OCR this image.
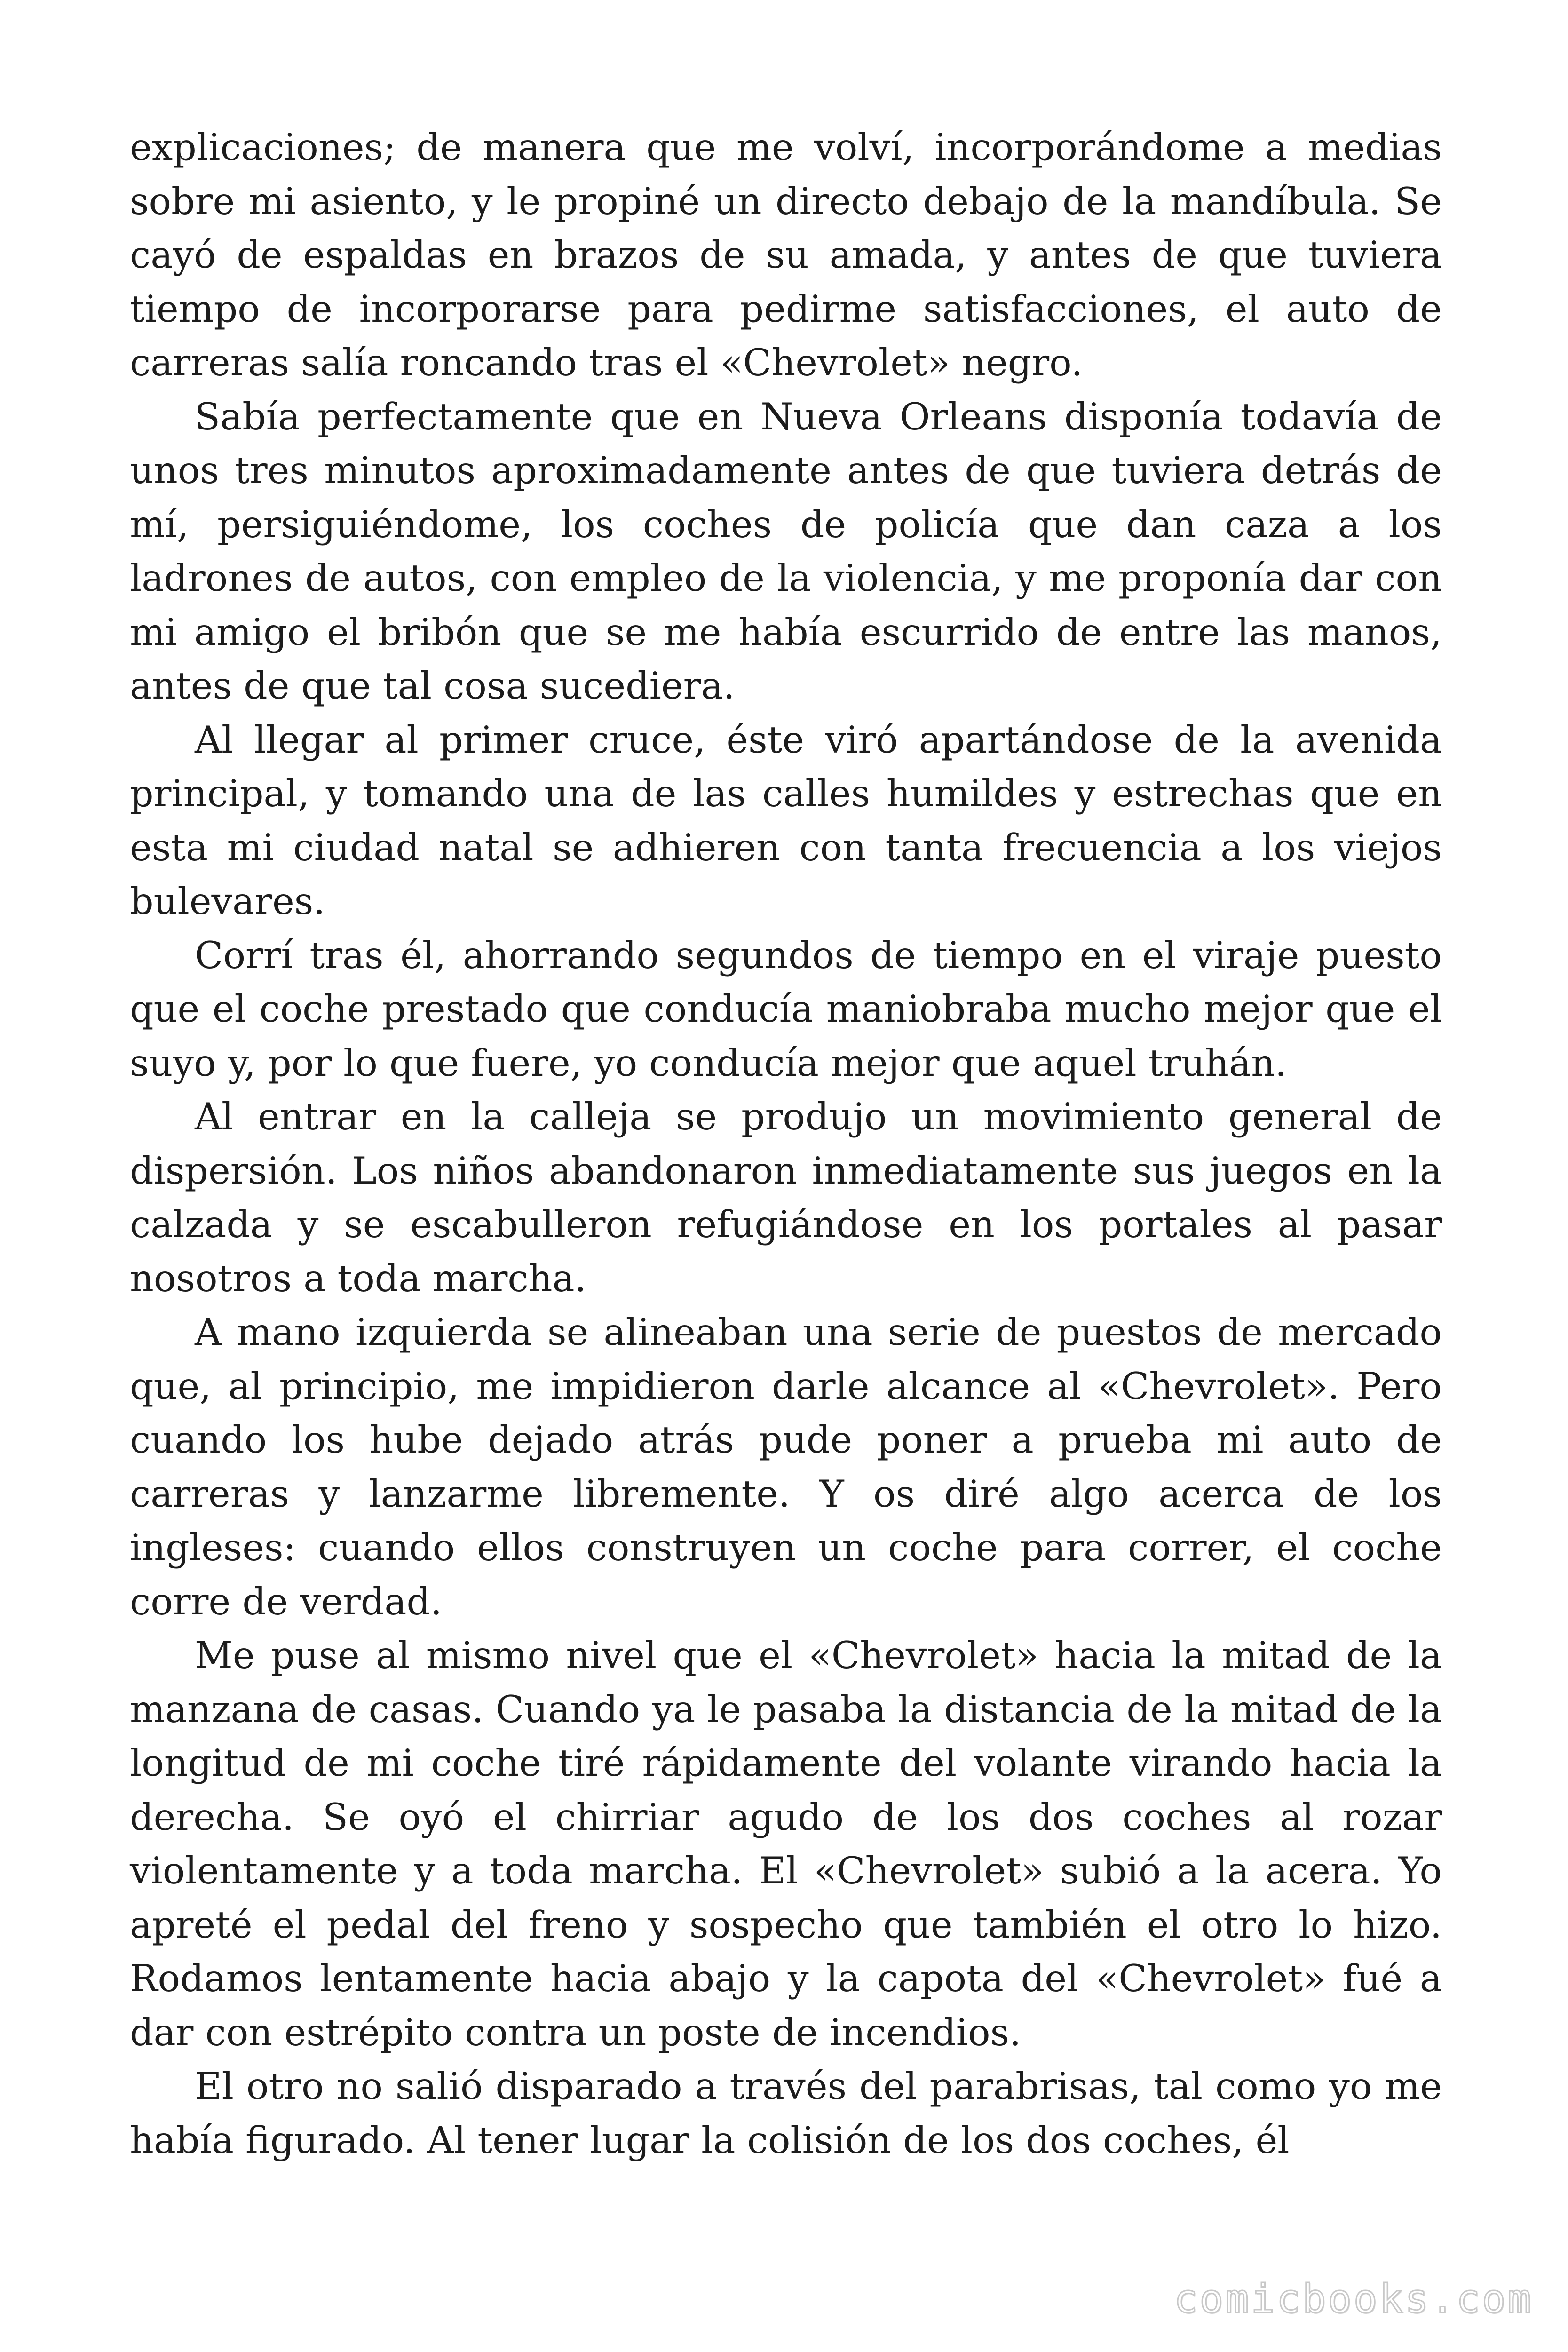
explicaciones; de manera que me volví, incorporándome a medias sobre mi asiento, y le propiné un directo debajo de la mandíbula. Se cayó de espaldas en brazos de su amada, y antes de que tuviera tiempo de incorporarse para pedirme satisfacciones, el auto de carreras salía roncando tras el «Chevrolet» negro.

Sabía perfectamente que en Nueva Orleans disponía todavía de unos tres minutos aproximadamente antes de que tuviera detrás de mí, persiguiéndome, los coches de policía que dan caza a los ladrones de autos, con empleo de la violencia, y me proponía dar con mi amigo el bribón que se me había escurrido de entre las manos, antes de que tal cosa sucediera.

Al llegar al primer cruce, éste viró apartándose de la avenida principal, y tomando una de las calles humildes y estrechas que en esta mi ciudad natal se adhieren con tanta frecuencia a los viejos bulevares.

Corrí tras él, ahorrando segundos de tiempo en el viraje puesto que el coche prestado que conducía maniobraba mucho mejor que el suyo y, por lo que fuere, yo conducía mejor que aquel truhán.

Al entrar en la calleja se produjo un movimiento general de dispersión. Los niños abandonaron inmediatamente sus juegos en la calzada y se escabulleron refugiándose en los portales al pasar nosotros a toda marcha.

A mano izquierda se alineaban una serie de puestos de mercado que, al principio, me impidieron darle alcance al «Chevrolet». Pero cuando los hube dejado atrás pude poner a prueba mi auto de carreras y lanzarme libremente. Y os diré algo acerca de los ingleses: cuando ellos construyen un coche para correr, el coche corre de verdad.

Me puse al mismo nivel que el «Chevrolet» hacia la mitad de la manzana de casas. Cuando ya le pasaba la distancia de la mitad de la longitud de mi coche tiré rápidamente del volante virando hacia la derecha. Se oyó el chirriar agudo de los dos coches al rozar violentamente y a toda marcha. El «Chevrolet» subió a la acera. Yo apreté el pedal del freno y sospecho que también el otro lo hizo. Rodamos lentamente hacia abajo y la capota del «Chevrolet» fué a dar con estrépito contra un poste de incendios.

El otro no salió disparado a través del parabrisas, tal como yo me había figurado. Al tener lugar la colisión de los dos coches, él

comicbooks.com
